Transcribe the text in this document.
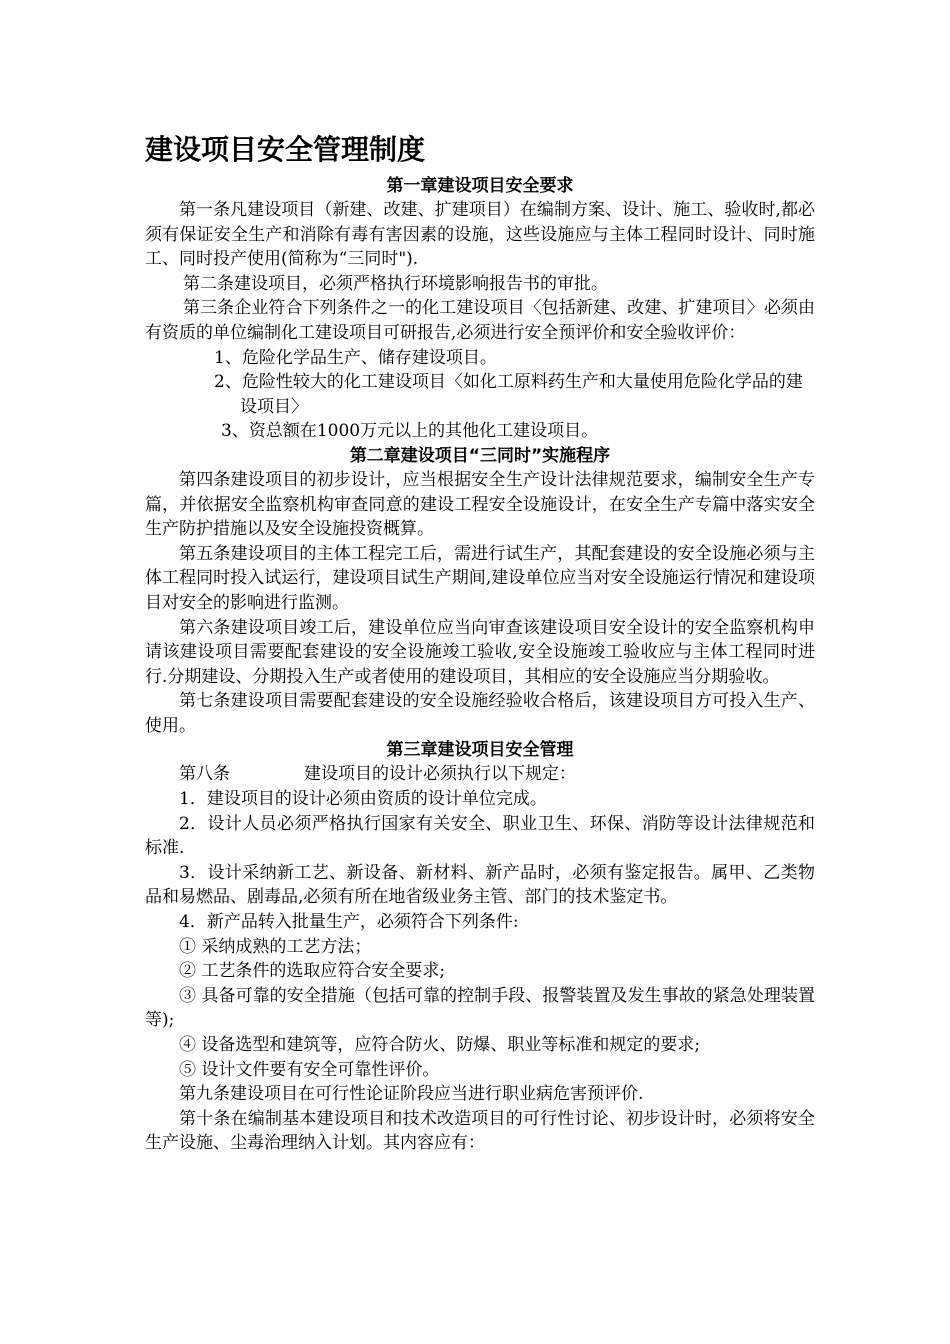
建设项目安全管理制度

第一章建设项目安全要求

第一条凡建设项目（新建、改建、扩建项目）在编制方案、设计、施工、验收时,都必须有保证安全生产和消除有毒有害因素的设施，这些设施应与主体工程同时设计、同时施工、同时投产使用(简称为“三同时").

第二条建设项目，必须严格执行环境影响报告书的审批。

第三条企业符合下列条件之一的化工建设项目〈包括新建、改建、扩建项目〉必须由有资质的单位编制化工建设项目可研报告,必须进行安全预评价和安全验收评价：

1、危险化学品生产、储存建设项目。

2、危险性较大的化工建设项目〈如化工原料药生产和大量使用危险化学品的建设项目〉

3、资总额在1000万元以上的其他化工建设项目。

第二章建设项目“三同时”实施程序

第四条建设项目的初步设计，应当根据安全生产设计法律规范要求，编制安全生产专篇，并依据安全监察机构审查同意的建设工程安全设施设计，在安全生产专篇中落实安全生产防护措施以及安全设施投资概算。

第五条建设项目的主体工程完工后，需进行试生产，其配套建设的安全设施必须与主体工程同时投入试运行，建设项目试生产期间,建设单位应当对安全设施运行情况和建设项目对安全的影响进行监测。

第六条建设项目竣工后，建设单位应当向审查该建设项目安全设计的安全监察机构申请该建设项目需要配套建设的安全设施竣工验收,安全设施竣工验收应与主体工程同时进行.分期建设、分期投入生产或者使用的建设项目，其相应的安全设施应当分期验收。

第七条建设项目需要配套建设的安全设施经验收合格后，该建设项目方可投入生产、使用。

第三章建设项目安全管理

第八条	建设项目的设计必须执行以下规定：

1．建设项目的设计必须由资质的设计单位完成。

2．设计人员必须严格执行国家有关安全、职业卫生、环保、消防等设计法律规范和标准.

3．设计采纳新工艺、新设备、新材料、新产品时，必须有鉴定报告。属甲、乙类物品和易燃品、剧毒品,必须有所在地省级业务主管、部门的技术鉴定书。

4．新产品转入批量生产，必须符合下列条件:

① 采纳成熟的工艺方法；

② 工艺条件的选取应符合安全要求;

③ 具备可靠的安全措施（包括可靠的控制手段、报警装置及发生事故的紧急处理装置等);

④ 设备选型和建筑等，应符合防火、防爆、职业等标准和规定的要求;

⑤ 设计文件要有安全可靠性评价。

第九条建设项目在可行性论证阶段应当进行职业病危害预评价.

第十条在编制基本建设项目和技术改造项目的可行性讨论、初步设计时，必须将安全生产设施、尘毒治理纳入计划。其内容应有：
